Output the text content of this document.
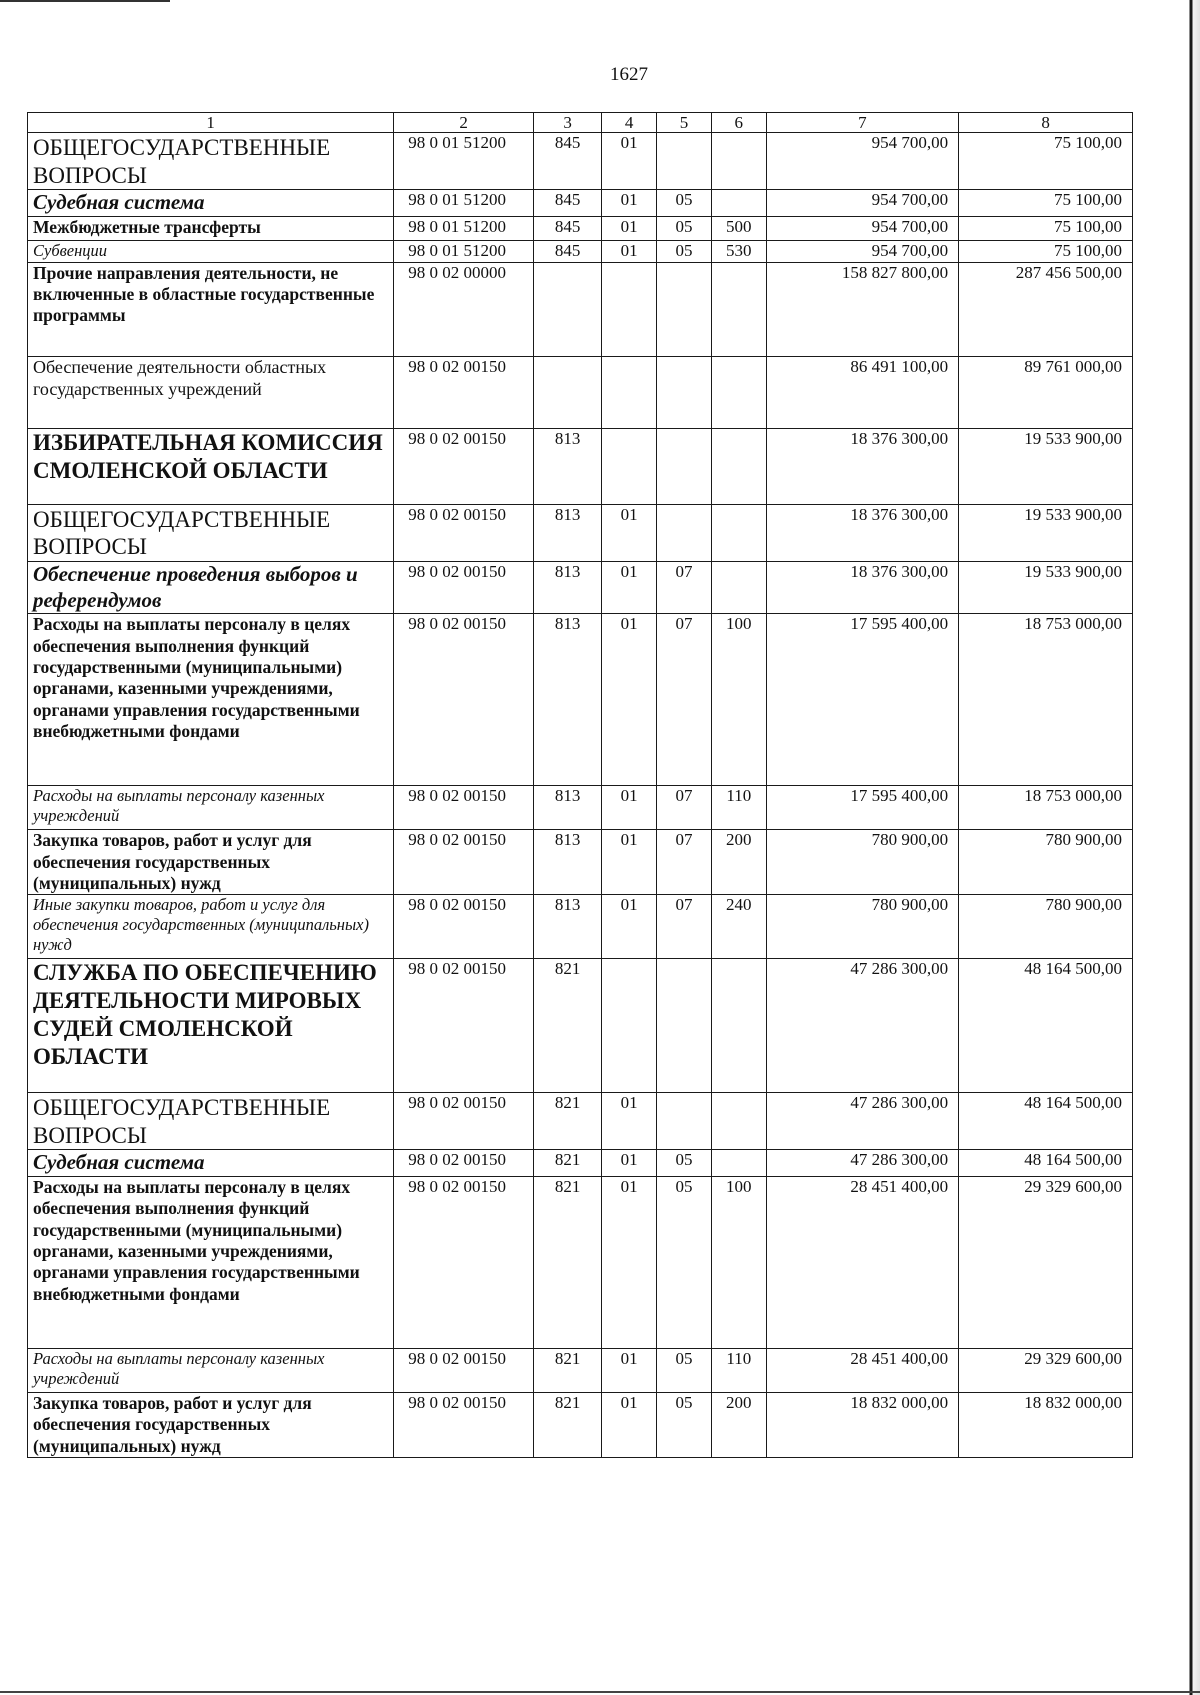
1627
1	2	3	4	5	6	7	8
ОБЩЕГОСУДАРСТВЕННЫЕ ВОПРОСЫ	98 0 01 51200	845	01			954 700,00	75 100,00
Судебная система	98 0 01 51200	845	01	05		954 700,00	75 100,00
Межбюджетные трансферты	98 0 01 51200	845	01	05	500	954 700,00	75 100,00
Субвенции	98 0 01 51200	845	01	05	530	954 700,00	75 100,00
Прочие направления деятельности, не включенные в областные государственные программы	98 0 02 00000					158 827 800,00	287 456 500,00
Обеспечение деятельности областных государственных учреждений	98 0 02 00150					86 491 100,00	89 761 000,00
ИЗБИРАТЕЛЬНАЯ КОМИССИЯ СМОЛЕНСКОЙ ОБЛАСТИ	98 0 02 00150	813				18 376 300,00	19 533 900,00
ОБЩЕГОСУДАРСТВЕННЫЕ ВОПРОСЫ	98 0 02 00150	813	01			18 376 300,00	19 533 900,00
Обеспечение проведения выборов и референдумов	98 0 02 00150	813	01	07		18 376 300,00	19 533 900,00
Расходы на выплаты персоналу в целях обеспечения выполнения функций государственными (муниципальными) органами, казенными учреждениями, органами управления государственными внебюджетными фондами	98 0 02 00150	813	01	07	100	17 595 400,00	18 753 000,00
Расходы на выплаты персоналу казенных учреждений	98 0 02 00150	813	01	07	110	17 595 400,00	18 753 000,00
Закупка товаров, работ и услуг для обеспечения государственных (муниципальных) нужд	98 0 02 00150	813	01	07	200	780 900,00	780 900,00
Иные закупки товаров, работ и услуг для обеспечения государственных (муниципальных) нужд	98 0 02 00150	813	01	07	240	780 900,00	780 900,00
СЛУЖБА ПО ОБЕСПЕЧЕНИЮ ДЕЯТЕЛЬНОСТИ МИРОВЫХ СУДЕЙ СМОЛЕНСКОЙ ОБЛАСТИ	98 0 02 00150	821				47 286 300,00	48 164 500,00
ОБЩЕГОСУДАРСТВЕННЫЕ ВОПРОСЫ	98 0 02 00150	821	01			47 286 300,00	48 164 500,00
Судебная система	98 0 02 00150	821	01	05		47 286 300,00	48 164 500,00
Расходы на выплаты персоналу в целях обеспечения выполнения функций государственными (муниципальными) органами, казенными учреждениями, органами управления государственными внебюджетными фондами	98 0 02 00150	821	01	05	100	28 451 400,00	29 329 600,00
Расходы на выплаты персоналу казенных учреждений	98 0 02 00150	821	01	05	110	28 451 400,00	29 329 600,00
Закупка товаров, работ и услуг для обеспечения государственных (муниципальных) нужд	98 0 02 00150	821	01	05	200	18 832 000,00	18 832 000,00
